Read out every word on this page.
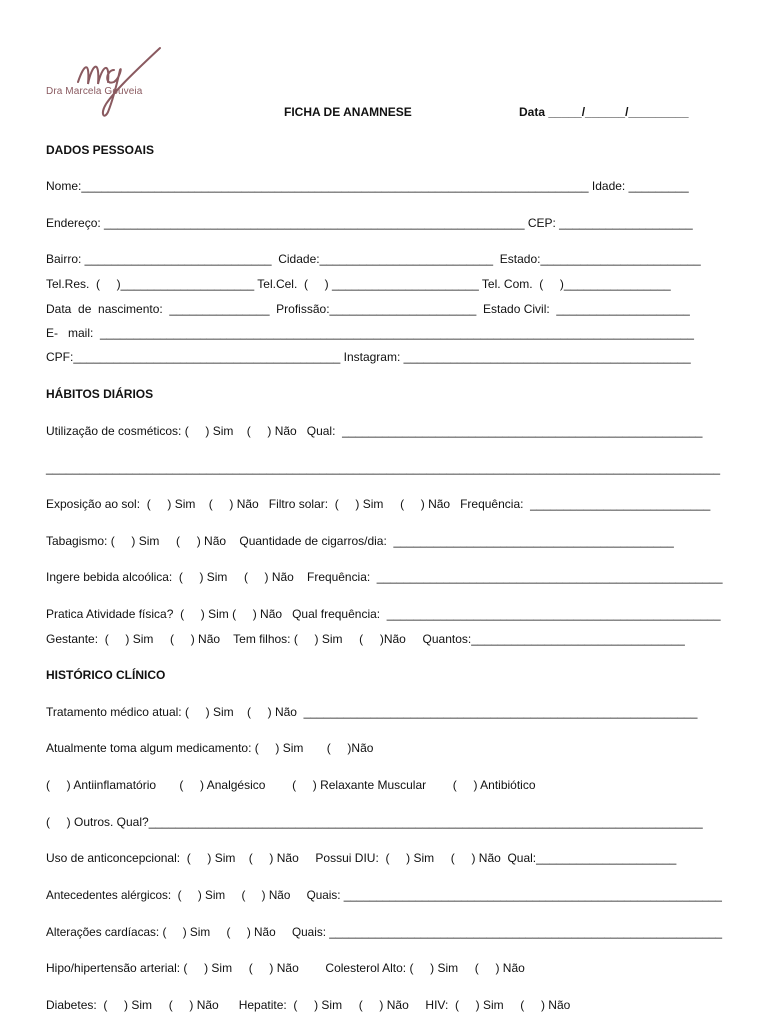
Dra Marcela Gouveia
FICHA DE ANAMNESE	Data _____/______/_________
DADOS PESSOAIS
Nome:____________________________________________________________________________ Idade: _________
Endereço: _______________________________________________________________ CEP: ____________________
Bairro: ____________________________  Cidade:__________________________  Estado:________________________
Tel.Res.  (     )____________________ Tel.Cel.  (     ) ______________________ Tel. Com.  (     )________________
Data  de  nascimento:  _______________  Profissão:______________________  Estado Civil:  ____________________
E-   mail:  _________________________________________________________________________________________
CPF:________________________________________ Instagram: ___________________________________________
HÁBITOS DIÁRIOS
Utilização de cosméticos: (     ) Sim    (     ) Não   Qual:  ______________________________________________________
_____________________________________________________________________________________________________
Exposição ao sol:  (     ) Sim    (     ) Não   Filtro solar:  (     ) Sim     (     ) Não   Frequência:  ___________________________
Tabagismo: (     ) Sim     (     ) Não    Quantidade de cigarros/dia:  __________________________________________
Ingere bebida alcoólica:  (     ) Sim     (     ) Não    Frequência:  ____________________________________________________
Pratica Atividade física?  (     ) Sim (     ) Não   Qual frequência:  __________________________________________________
Gestante:  (     ) Sim     (     ) Não    Tem filhos: (     ) Sim     (     )Não     Quantos:________________________________
HISTÓRICO CLÍNICO
Tratamento médico atual: (     ) Sim    (     ) Não  ___________________________________________________________
Atualmente toma algum medicamento: (     ) Sim       (     )Não
(     ) Antiinflamatório       (     ) Analgésico        (     ) Relaxante Muscular        (     ) Antibiótico
(     ) Outros. Qual?___________________________________________________________________________________
Uso de anticoncepcional:  (     ) Sim    (     ) Não     Possui DIU:  (     ) Sim     (     ) Não  Qual:_____________________
Antecedentes alérgicos:  (     ) Sim     (     ) Não     Quais: __________________________________________________________
Alterações cardíacas: (     ) Sim     (     ) Não     Quais: ____________________________________________________________
Hipo/hipertensão arterial: (     ) Sim     (     ) Não        Colesterol Alto: (     ) Sim     (     ) Não
Diabetes:  (     ) Sim     (     ) Não      Hepatite:  (     ) Sim     (     ) Não     HIV:  (     ) Sim     (     ) Não
